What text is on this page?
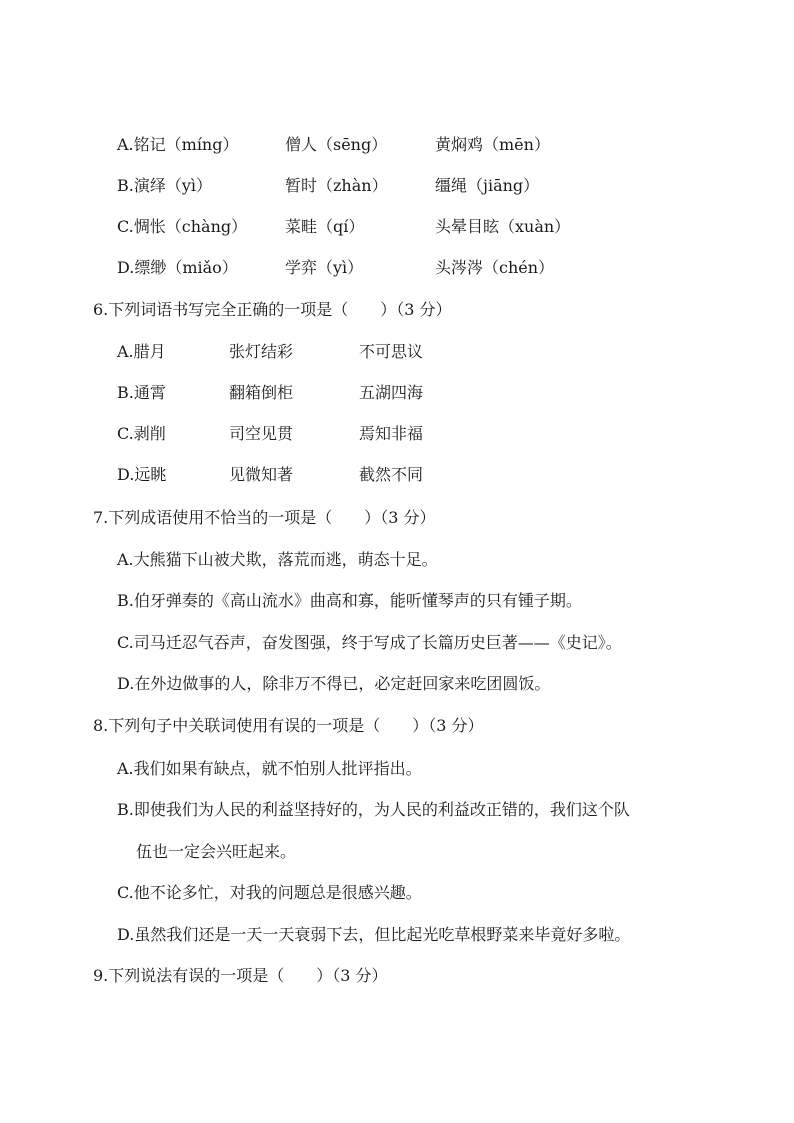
A.铭记（míng）	僧人（sēng）	黄焖鸡（mēn）
B.演绎（yì）	暂时（zhàn）	缰绳（jiāng）
C.惆怅（chàng） 菜畦（qí）	头晕目眩（xuàn）
D.缥缈（miǎo）	学弈（yì）	头涔涔（chén）
6.下列词语书写完全正确的一项是（　　）（3 分）
A.腊月	张灯结彩	不可思议
B.通霄	翻箱倒柜	五湖四海
C.剥削	司空见贯	焉知非福
D.远眺	见微知著	截然不同
7.下列成语使用不恰当的一项是（　　）（3 分）
A.大熊猫下山被犬欺，落荒而逃，萌态十足。
B.伯牙弹奏的《高山流水》曲高和寡，能听懂琴声的只有锺子期。
C.司马迁忍气吞声，奋发图强，终于写成了长篇历史巨著——《史记》。
D.在外边做事的人，除非万不得已，必定赶回家来吃团圆饭。
8.下列句子中关联词使用有误的一项是（　　）（3 分）
A.我们如果有缺点，就不怕别人批评指出。
B.即使我们为人民的利益坚持好的，为人民的利益改正错的，我们这个队
伍也一定会兴旺起来。
C.他不论多忙，对我的问题总是很感兴趣。
D.虽然我们还是一天一天衰弱下去，但比起光吃草根野菜来毕竟好多啦。
9.下列说法有误的一项是（　　）（3 分）
